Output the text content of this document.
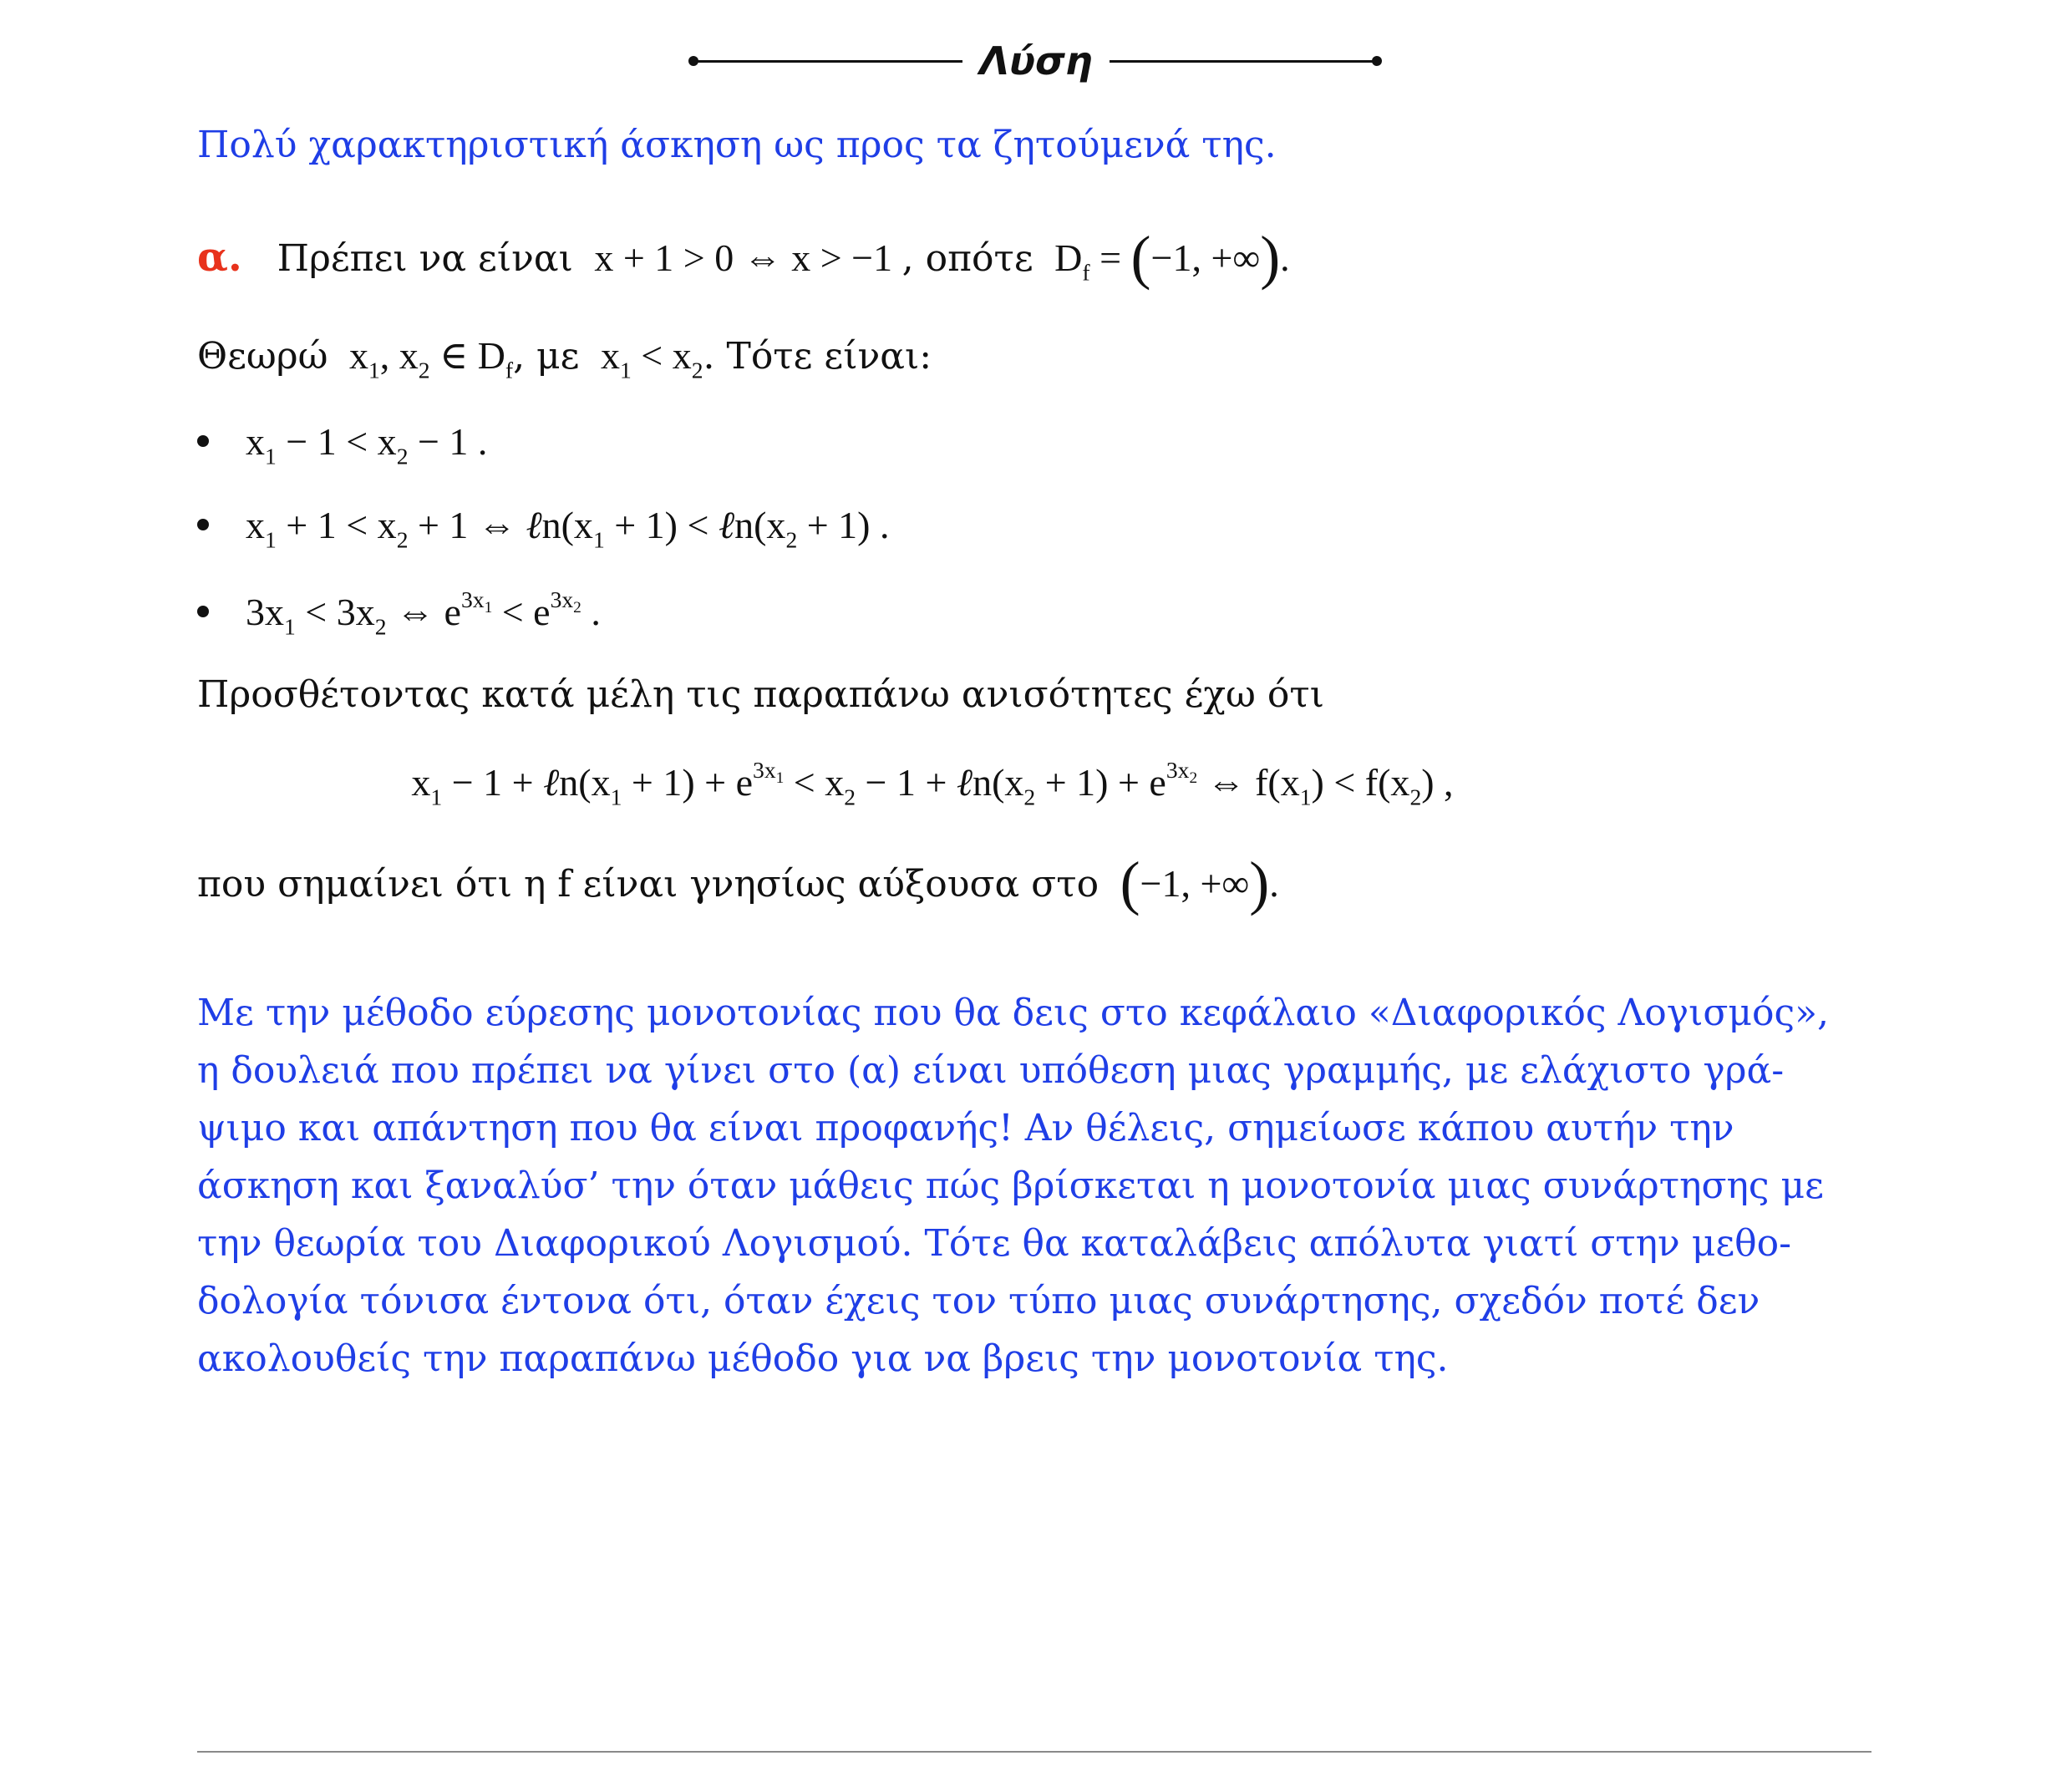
Λύση
Πολύ χαρακτηριστική άσκηση ως προς τα ζητούμενά της.
α. Πρέπει να είναι  x + 1 > 0 ⇔ x > −1 , οπότε  $D_f = (-1$, +∞).
Θεωρώ  $x_1$, $x_2$ ∈ $D_f$, με  $x_1 < x_2$. Τότε είναι:
$x_1 - 1 < x_2 - 1$ .
$x_1 + 1 < x_2 + 1$ ⇔ $\ell n(x_1 + 1)$ < $\ell n(x_2 + 1)$ .
$3x_1 < 3x_2$ ⇔ $e^{3x_1} < e^{3x_2}$ .
Προσθέτοντας κατά μέλη τις παραπάνω ανισότητες έχω ότι
$x_1 - 1$ + $\ell n(x_1 + 1) + e^{3x_1} < x_2 - 1$ + $\ell n(x_2 + 1) + e^{3x_2}$ ⇔ $f(x_1) < f(x_2)$ ,
που σημαίνει ότι η f είναι γνησίως αύξουσα στο (−1, +∞).
Με την μέθοδο εύρεσης μονοτονίας που θα δεις στο κεφάλαιο «Διαφορικός Λογισμός»,
η δουλειά που πρέπει να γίνει στο (α) είναι υπόθεση μιας γραμμής, με ελάχιστο γρά-
ψιμο και απάντηση που θα είναι προφανής! Αν θέλεις, σημείωσε κάπου αυτήν την
άσκηση και ξαναλύσ’ την όταν μάθεις πώς βρίσκεται η μονοτονία μιας συνάρτησης με
την θεωρία του Διαφορικού Λογισμού. Τότε θα καταλάβεις απόλυτα γιατί στην μεθο-
δολογία τόνισα έντονα ότι, όταν έχεις τον τύπο μιας συνάρτησης, σχεδόν ποτέ δεν
ακολουθείς την παραπάνω μέθοδο για να βρεις την μονοτονία της.
